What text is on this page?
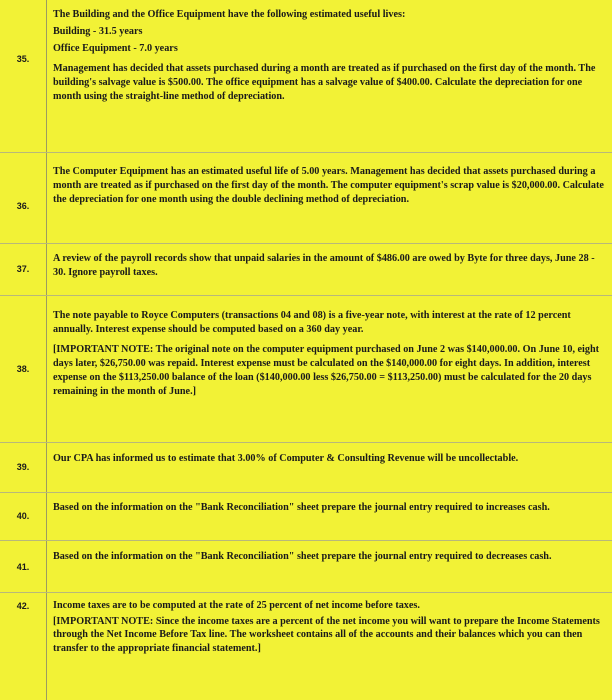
35.

The Building and the Office Equipment have the following estimated useful lives:

Building - 31.5 years

Office Equipment - 7.0 years

Management has decided that assets purchased during a month are treated as if purchased on the first day of the month. The building's salvage value is $500.00. The office equipment has a salvage value of $400.00. Calculate the depreciation for one month using the straight-line method of depreciation.

36.

The Computer Equipment has an estimated useful life of 5.00 years. Management has decided that assets purchased during a month are treated as if purchased on the first day of the month. The computer equipment's scrap value is $20,000.00. Calculate the depreciation for one month using the double declining method of depreciation.

37.

A review of the payroll records show that unpaid salaries in the amount of $486.00 are owed by Byte for three days, June 28 - 30. Ignore payroll taxes.

38.

The note payable to Royce Computers (transactions 04 and 08) is a five-year note, with interest at the rate of 12 percent annually. Interest expense should be computed based on a 360 day year.

[IMPORTANT NOTE: The original note on the computer equipment purchased on June 2 was $140,000.00. On June 10, eight days later, $26,750.00 was repaid. Interest expense must be calculated on the $140,000.00 for eight days. In addition, interest expense on the $113,250.00 balance of the loan ($140,000.00 less $26,750.00 = $113,250.00) must be calculated for the 20 days remaining in the month of June.]

39.

Our CPA has informed us to estimate that 3.00% of Computer & Consulting Revenue will be uncollectable.

40.

Based on the information on the "Bank Reconciliation" sheet prepare the journal entry required to increases cash.

41.

Based on the information on the "Bank Reconciliation" sheet prepare the journal entry required to decreases cash.

42.	Income taxes are to be computed at the rate of 25 percent of net income before taxes.

[IMPORTANT NOTE: Since the income taxes are a percent of the net income you will want to prepare the Income Statements through the Net Income Before Tax line. The worksheet contains all of the accounts and their balances which you can then transfer to the appropriate financial statement.]
